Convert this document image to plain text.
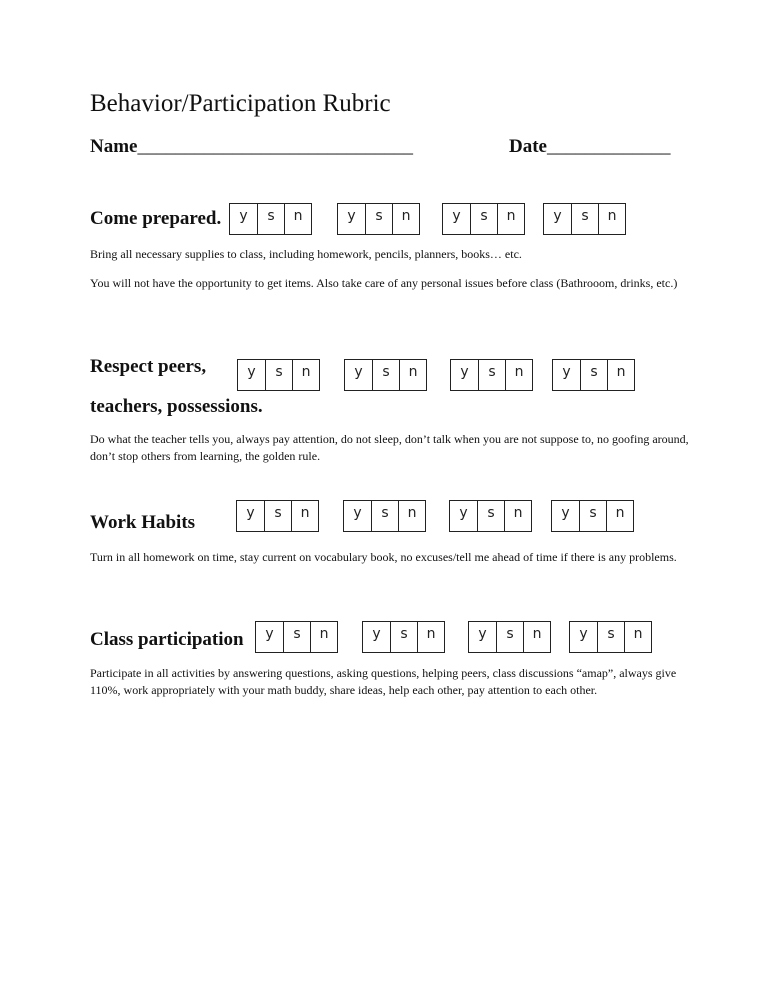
Behavior/Participation Rubric
Name_____________________________	Date_____________
Come prepared.	y	s	n	y	s	n	y	s	n	y	s	n
Bring all necessary supplies to class, including homework, pencils, planners, books… etc.
You will not have the opportunity to get items. Also take care of any personal issues before class (Bathrooom, drinks, etc.)
Respect peers,
teachers, possessions.
y	s	n	y	s	n	y	s	n	y	s	n
Do what the teacher tells you, always pay attention, do not sleep, don’t talk when you are not suppose to, no goofing around, don’t stop others from learning, the golden rule.
Work Habits	y	s	n	y	s	n	y	s	n	y	s	n
Turn in all homework on time, stay current on vocabulary book, no excuses/tell me ahead of time if there is any problems.
Class participation	y	s	n	y	s	n	y	s	n	y	s	n
Participate in all activities by answering questions, asking questions, helping peers, class discussions “amap”, always give 110%, work appropriately with your math buddy, share ideas, help each other, pay attention to each other.
